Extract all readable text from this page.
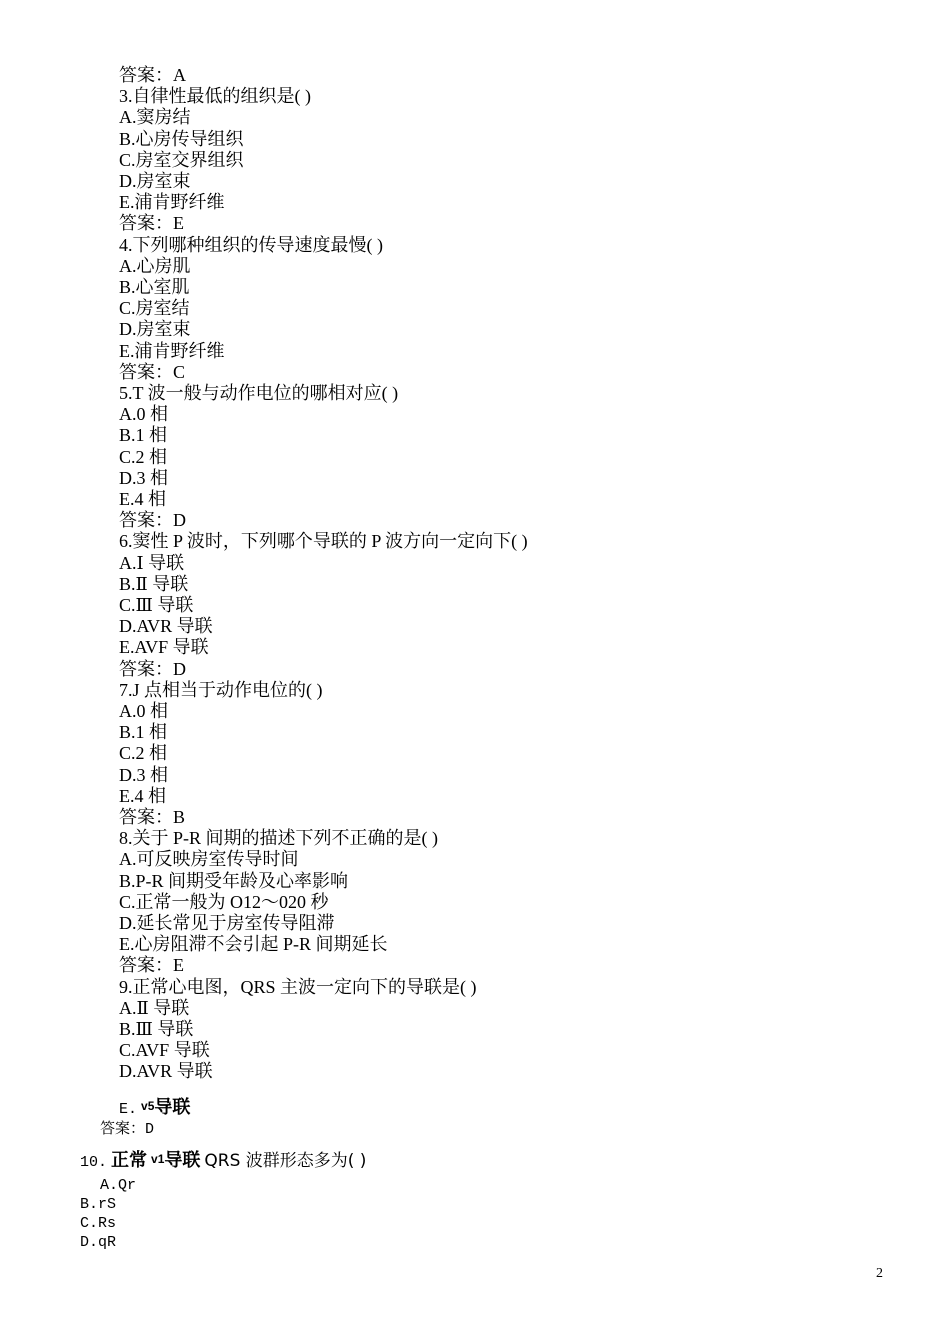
答案：A
3.自律性最低的组织是( )
A.窦房结
B.心房传导组织
C.房室交界组织
D.房室束
E.浦肯野纤维
答案：E
4.下列哪种组织的传导速度最慢( )
A.心房肌
B.心室肌
C.房室结
D.房室束
E.浦肯野纤维
答案：C
5.T 波一般与动作电位的哪相对应( )
A.0 相
B.1 相
C.2 相
D.3 相
E.4 相
答案：D
6.窦性 P 波时，下列哪个导联的 P 波方向一定向下( )
A.Ⅰ 导联
B.Ⅱ 导联
C.Ⅲ 导联
D.AVR 导联
E.AVF 导联
答案：D
7.J 点相当于动作电位的( )
A.0 相
B.1 相
C.2 相
D.3 相
E.4 相
答案：B
8.关于 P-R 间期的描述下列不正确的是( )
A.可反映房室传导时间
B.P-R 间期受年龄及心率影响
C.正常一般为 O12～020 秒
D.延长常见于房室传导阻滞
E.心房阻滞不会引起 P-R 间期延长
答案：E
9.正常心电图，QRS 主波一定向下的导联是( )
A.Ⅱ 导联
B.Ⅲ 导联
C.AVF 导联
D.AVR 导联
E. v5导联
答案：D
10. 正常 v1导联 QRS 波群形态多为( )
A.Qr
B.rS
C.Rs
D.qR
2
